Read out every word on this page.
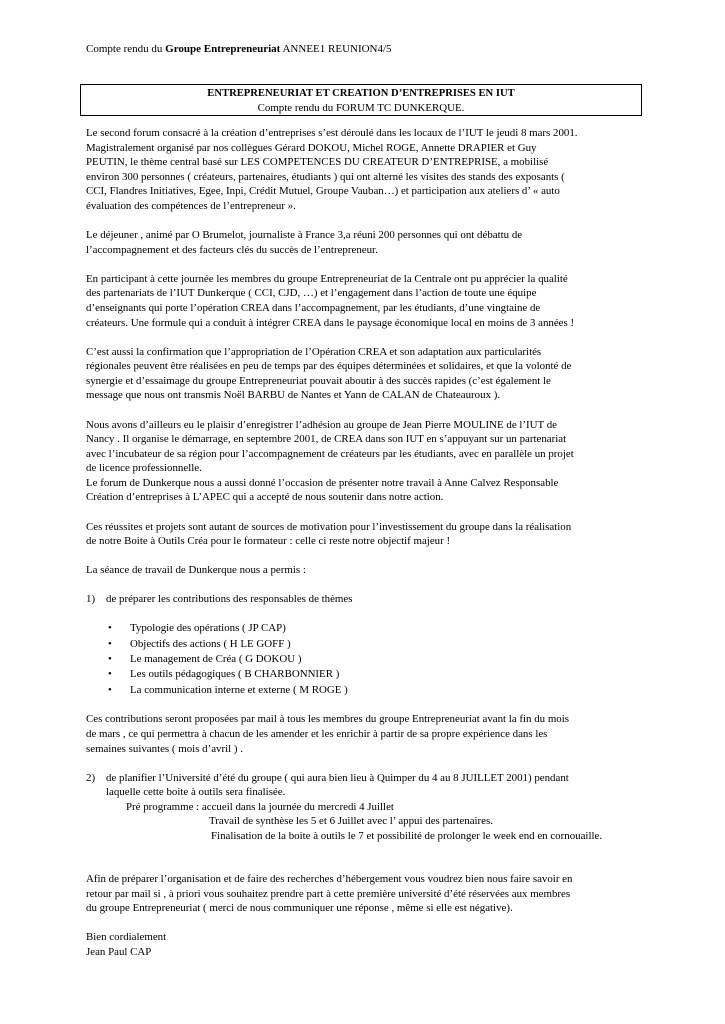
Compte rendu du Groupe Entrepreneuriat ANNEE1 REUNION4/5
ENTREPRENEURIAT ET CREATION D’ENTREPRISES EN IUT
Compte rendu du FORUM TC DUNKERQUE.

Le second forum consacré à la création d’entreprises s’est déroulé dans les locaux de l’IUT le jeudi 8 mars 2001.
Magistralement organisé par nos collègues Gérard DOKOU, Michel ROGE, Annette DRAPIER et Guy
PEUTIN, le thème central basé sur LES COMPETENCES DU CREATEUR D’ENTREPRISE, a mobilisé
environ 300 personnes ( créateurs, partenaires, étudiants ) qui ont alterné les visites des stands des exposants (
CCI, Flandres Initiatives, Egee, Inpi, Crédit Mutuel, Groupe Vauban…) et participation aux ateliers d’ « auto
évaluation des compétences de l’entrepreneur ».

Le déjeuner , animé par O Brumelot, journaliste à France 3,a réuni 200 personnes qui ont débattu de
l’accompagnement et des facteurs clés du succès de l’entrepreneur.

En participant à cette journée les membres du groupe Entrepreneuriat de la Centrale ont pu apprécier la qualité
des partenariats de l’IUT Dunkerque ( CCI, CJD, …) et l’engagement dans l’action de toute une équipe
d’enseignants qui porte l’opération CREA dans l’accompagnement, par les étudiants, d’une vingtaine de
créateurs. Une formule qui a conduit à intégrer CREA dans le paysage économique local en moins de 3 années !

C’est aussi la confirmation que l’appropriation de l’Opération CREA et son adaptation aux particularités
régionales peuvent être réalisées en peu de temps par des équipes déterminées et solidaires, et que la volonté de
synergie et d’essaimage du groupe Entrepreneuriat pouvait aboutir à des succès rapides (c’est également le
message que nous ont transmis Noël BARBU de Nantes et Yann de CALAN de Chateauroux ).

Nous avons d’ailleurs eu le plaisir d’enregistrer l’adhésion au groupe de Jean Pierre MOULINE de l’IUT de
Nancy . Il organise le démarrage, en septembre 2001, de CREA dans son IUT en s’appuyant sur un partenariat
avec l’incubateur de sa région pour l’accompagnement de créateurs par les étudiants, avec en parallèle un projet
de licence professionnelle.
Le forum de Dunkerque nous a aussi donné l’occasion de présenter notre travail à Anne Calvez Responsable
Création d’entreprises à L’APEC qui a accepté de nous soutenir dans notre action.

Ces réussites et projets sont autant de sources de motivation pour l’investissement du groupe dans la réalisation
de notre Boite à Outils Créa pour le formateur : celle ci reste notre objectif majeur !

La séance de travail de Dunkerque nous a permis :

1)	de préparer les contributions des responsables de thèmes
• Typologie des opérations ( JP CAP)
• Objectifs des actions ( H LE GOFF )
• Le management de Créa ( G DOKOU )
• Les outils pédagogiques ( B CHARBONNIER )
• La communication interne et externe ( M ROGE )

Ces contributions seront proposées par mail à tous les membres du groupe Entrepreneuriat avant la fin du mois
de mars , ce qui permettra à chacun de les amender et les enrichir à partir de sa propre expérience dans les
semaines suivantes ( mois d’avril ) .

2)	de planifier l’Université d’été du groupe ( qui aura bien lieu à Quimper du 4 au 8 JUILLET 2001) pendant
laquelle cette boite à outils sera finalisée.
Pré programme : accueil dans la journée du mercredi 4 Juillet
Travail de synthèse les 5 et 6 Juillet avec l’ appui des partenaires.
Finalisation de la boite à outils le 7 et possibilité de prolonger le week end en cornouaille.

Afin de préparer l’organisation et de faire des recherches d’hébergement vous voudrez bien nous faire savoir en
retour par mail si , à priori vous souhaitez prendre part à cette première université d’été réservées aux membres
du groupe Entrepreneuriat ( merci de nous communiquer une réponse , même si elle est négative).

Bien cordialement
Jean Paul CAP
